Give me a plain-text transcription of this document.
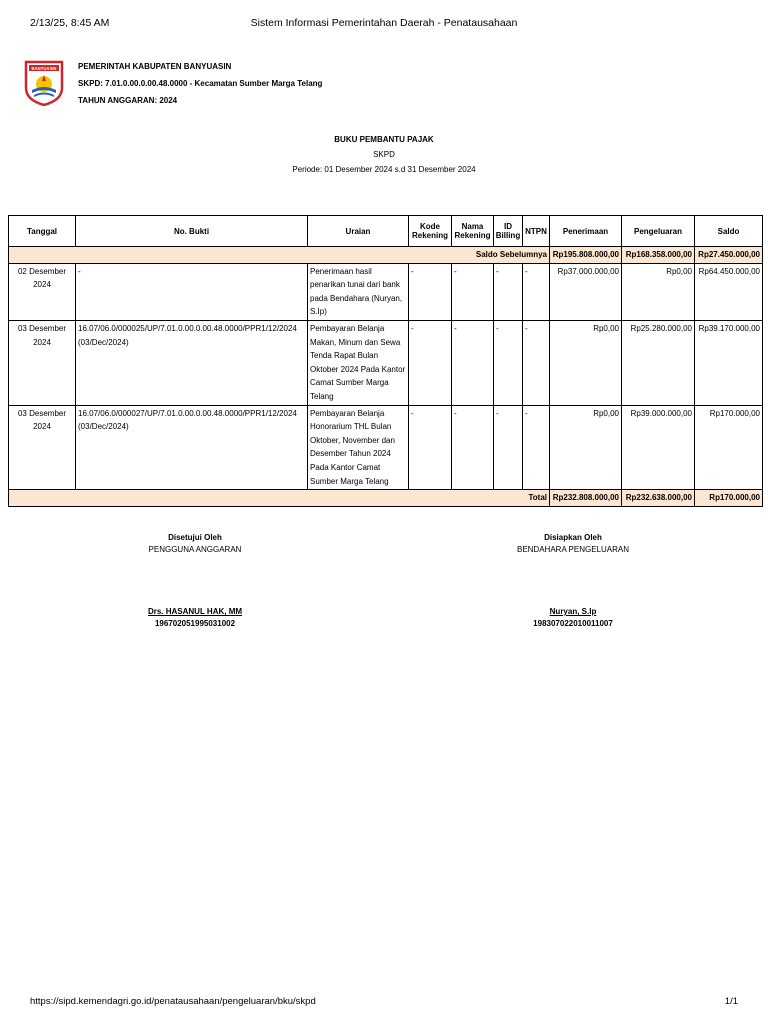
2/13/25, 8:45 AM	Sistem Informasi Pemerintahan Daerah - Penatausahaan
BANYUASIN	PEMERINTAH KABUPATEN BANYUASIN
SKPD: 7.01.0.00.0.00.48.0000 - Kecamatan Sumber Marga Telang
TAHUN ANGGARAN: 2024
BUKU PEMBANTU PAJAK
SKPD
Periode: 01 Desember 2024 s.d 31 Desember 2024
Tanggal	No. Bukti	Uraian	Kode Rekening	Nama Rekening	ID Billing	NTPN	Penerimaan	Pengeluaran	Saldo
Saldo Sebelumnya							Rp195.808.000,00	Rp168.358.000,00	Rp27.450.000,00
02 Desember 2024	-	Penerimaan hasil penarikan tunai dari bank pada Bendahara (Nuryan, S.Ip)	-	-	-	-	Rp37.000.000,00	Rp0,00	Rp64.450.000,00
03 Desember 2024	16.07/06.0/000025/UP/7.01.0.00.0.00.48.0000/PPR1/12/2024 (03/Dec/2024)	Pembayaran Belanja Makan, Minum dan Sewa Tenda Rapat Bulan Oktober 2024 Pada Kantor Camat Sumber Marga Telang	-	-	-	-	Rp0,00	Rp25.280.000,00	Rp39.170.000,00
03 Desember 2024	16.07/06.0/000027/UP/7.01.0.00.0.00.48.0000/PPR1/12/2024 (03/Dec/2024)	Pembayaran Belanja Honorarium THL Bulan Oktober, November dan Desember Tahun 2024 Pada Kantor Camat Sumber Marga Telang	-	-	-	-	Rp0,00	Rp39.000.000,00	Rp170.000,00
Total							Rp232.808.000,00	Rp232.638.000,00	Rp170.000,00
Disetujui Oleh
PENGGUNA ANGGARAN
Drs. HASANUL HAK, MM
196702051995031002
Disiapkan Oleh
BENDAHARA PENGELUARAN
Nuryan, S.Ip
198307022010011007
https://sipd.kemendagri.go.id/penatausahaan/pengeluaran/bku/skpd	1/1
